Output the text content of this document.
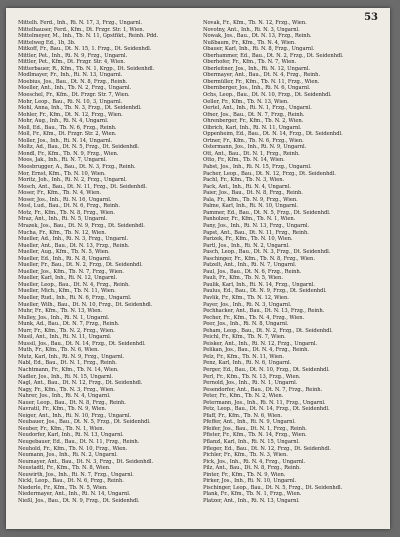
53
Mittelh. Ferd., Inh., Ri. N. 17, 3, Frzg., Ungarnl.
Mittelhauser, Ferd., Kfm., Dt. Frzgr. Str. 1, Wien.
Mittelmeyer, M., Inh., Tb. N. 11, Gpstfikt., Reinh. Pdd.
Mittelweg Ed., 1b, 3b.
Mitkoff, Fr., Bau., Dt. N. 15, 1. Frzg., Dt. Seidenhdl.
Mittler, Pet., Inh., Ri. N. 9, Frzg., Ungarnl.
Mittler, Pet., Kfm., Dt. Frzgr. Str. 4, Wien.
Mitterbauer, R., Kfm., Tb. N. 1, Krgp., Dt. Seidenhdl.
Modlmayer, Fr., Inh., Ri. N. 13, Ungarnl.
Moebius, Jos., Bau., Dt. N. 8, Frzg., Reinh.
Moeller, Ant., Inh., Tb. N. 2, Frzg., Ungarnl.
Moeschel, Fr., Kfm., Dt. Frzgr. Str. 7, Wien.
Mohr, Leop., Bau., Ri. N. 10, 3, Ungarnl.
Mohl, Anna, Inh., Tb. N. 3, Frzg., Dt. Seidenhdl.
Mohler, Fr., Kfm., Dt. N. 12, Frzg., Wien.
Mohr, Aug., Inh., Ri. N. 4, Ungarnl.
Moll, Ed., Bau., Tb. N. 6, Frzg., Reinh.
Moll, Fr., Kfm., Dt. Frzgr. Str. 2, Wien.
Moller, Jos., Inh., Ri. N. 14, Ungarnl.
Moltz, Ad., Bau., Dt. N. 5, Frzg., Dt. Seidenhdl.
Mondl, Fr., Kfm., Tb. N. 9, Frzg., Wien.
Moos, Jak., Inh., Ri. N. 7, Ungarnl.
Moosbrugger, A., Bau., Dt. N. 3, Frzg., Reinh.
Mor, Ernst, Kfm., Tb. N. 10, Wien.
Moritz, Joh., Inh., Ri. N. 2, Frzg., Ungarnl.
Mosch, Ant., Bau., Dt. N. 11, Frzg., Dt. Seidenhdl.
Moser, Fr., Kfm., Tb. N. 4, Wien.
Moser, Jos., Inh., Ri. N. 16, Ungarnl.
Mosl, Lud., Bau., Dt. N. 6, Frzg., Reinh.
Motz, Fr., Kfm., Tb. N. 8, Frzg., Wien.
Mraz, Ant., Inh., Ri. N. 5, Ungarnl.
Mrazek, Jos., Bau., Dt. N. 9, Frzg., Dt. Seidenhdl.
Mucha, Fr., Kfm., Tb. N. 12, Wien.
Mueller, Ad., Inh., Ri. N. 3, Frzg., Ungarnl.
Mueller, Ant., Bau., Dt. N. 13, Frzg., Reinh.
Mueller, Aug., Kfm., Tb. N. 5, Wien.
Mueller, Ed., Inh., Ri. N. 8, Ungarnl.
Mueller, Fr., Bau., Dt. N. 2, Frzg., Dt. Seidenhdl.
Mueller, Jos., Kfm., Tb. N. 7, Frzg., Wien.
Mueller, Karl, Inh., Ri. N. 12, Ungarnl.
Mueller, Leop., Bau., Dt. N. 4, Frzg., Reinh.
Mueller, Mich., Kfm., Tb. N. 11, Wien.
Mueller, Rud., Inh., Ri. N. 6, Frzg., Ungarnl.
Mueller, Wilh., Bau., Dt. N. 10, Frzg., Dt. Seidenhdl.
Muhr, Fr., Kfm., Tb. N. 13, Wien.
Mulley, Jos., Inh., Ri. N. 1, Ungarnl.
Munk, Ad., Bau., Dt. N. 7, Frzg., Reinh.
Murr, Fr., Kfm., Tb. N. 2, Frzg., Wien.
Musil, Ant., Inh., Ri. N. 11, Ungarnl.
Mussil, Jos., Bau., Dt. N. 14, Frzg., Dt. Seidenhdl.
Muth, Fr., Kfm., Tb. N. 6, Wien.
Mutz, Karl, Inh., Ri. N. 9, Frzg., Ungarnl.
Nabl, Ed., Bau., Dt. N. 1, Frzg., Reinh.
Nachtmann, Fr., Kfm., Tb. N. 14, Wien.
Nadler, Jos., Inh., Ri. N. 15, Ungarnl.
Nagl, Ant., Bau., Dt. N. 12, Frzg., Dt. Seidenhdl.
Nagy, Fr., Kfm., Tb. N. 3, Frzg., Wien.
Nahrer, Jos., Inh., Ri. N. 4, Ungarnl.
Nauer, Leop., Bau., Dt. N. 8, Frzg., Reinh.
Navratil, Fr., Kfm., Tb. N. 9, Wien.
Neiger, Ant., Inh., Ri. N. 10, Frzg., Ungarnl.
Neubauer, Jos., Bau., Dt. N. 5, Frzg., Dt. Seidenhdl.
Neuber, Fr., Kfm., Tb. N. 1, Wien.
Neudorfer, Karl, Inh., Ri. N. 13, Ungarnl.
Neugebauer, Ed., Bau., Dt. N. 11, Frzg., Reinh.
Neuhold, Fr., Kfm., Tb. N. 10, Frzg., Wien.
Neumann, Jos., Inh., Ri. N. 2, Ungarnl.
Neumayer, Ant., Bau., Dt. N. 3, Frzg., Dt. Seidenhdl.
Neustadtl, Fr., Kfm., Tb. N. 8, Wien.
Neuwirth, Jos., Inh., Ri. N. 7, Frzg., Ungarnl.
Nickl, Leop., Bau., Dt. N. 6, Frzg., Reinh.
Niederle, Fr., Kfm., Tb. N. 5, Wien.
Niedermayer, Ant., Inh., Ri. N. 14, Ungarnl.
Nießl, Jos., Bau., Dt. N. 9, Frzg., Dt. Seidenhdl.
Novak, Fr., Kfm., Tb. N. 12, Frzg., Wien.
Novotny, Ant., Inh., Ri. N. 3, Ungarnl.
Nowak, Jos., Bau., Dt. N. 13, Frzg., Reinh.
Nußbaum, Fr., Kfm., Tb. N. 4, Wien.
Obauer, Karl, Inh., Ri. N. 8, Frzg., Ungarnl.
Oberhammer, Ed., Bau., Dt. N. 2, Frzg., Dt. Seidenhdl.
Oberhofer, Fr., Kfm., Tb. N. 7, Wien.
Oberleitner, Jos., Inh., Ri. N. 12, Ungarnl.
Obermayer, Ant., Bau., Dt. N. 4, Frzg., Reinh.
Obermüller, Fr., Kfm., Tb. N. 11, Frzg., Wien.
Obernberger, Jos., Inh., Ri. N. 6, Ungarnl.
Ochs, Leop., Bau., Dt. N. 10, Frzg., Dt. Seidenhdl.
Oeller, Fr., Kfm., Tb. N. 13, Wien.
Oertel, Ant., Inh., Ri. N. 1, Frzg., Ungarnl.
Ofner, Jos., Bau., Dt. N. 7, Frzg., Reinh.
Ohrenberger, Fr., Kfm., Tb. N. 2, Wien.
Olbrich, Karl, Inh., Ri. N. 11, Ungarnl.
Oppenheim, Ed., Bau., Dt. N. 14, Frzg., Dt. Seidenhdl.
Ortner, Fr., Kfm., Tb. N. 6, Frzg., Wien.
Ostermann, Jos., Inh., Ri. N. 9, Ungarnl.
Ott, Ant., Bau., Dt. N. 1, Frzg., Reinh.
Otto, Fr., Kfm., Tb. N. 14, Wien.
Pabst, Jos., Inh., Ri. N. 15, Frzg., Ungarnl.
Pacher, Leop., Bau., Dt. N. 12, Frzg., Dt. Seidenhdl.
Pachl, Fr., Kfm., Tb. N. 3, Wien.
Pack, Ant., Inh., Ri. N. 4, Ungarnl.
Paier, Jos., Bau., Dt. N. 8, Frzg., Reinh.
Pala, Fr., Kfm., Tb. N. 9, Frzg., Wien.
Palme, Karl, Inh., Ri. N. 10, Ungarnl.
Pammer, Ed., Bau., Dt. N. 5, Frzg., Dt. Seidenhdl.
Panholzer, Fr., Kfm., Tb. N. 1, Wien.
Pany, Jos., Inh., Ri. N. 13, Frzg., Ungarnl.
Papst, Ant., Bau., Dt. N. 11, Frzg., Reinh.
Parizek, Fr., Kfm., Tb. N. 10, Wien.
Partl, Jos., Inh., Ri. N. 2, Ungarnl.
Pasch, Leop., Bau., Dt. N. 3, Frzg., Dt. Seidenhdl.
Paschinger, Fr., Kfm., Tb. N. 8, Frzg., Wien.
Patzelt, Ant., Inh., Ri. N. 7, Ungarnl.
Paul, Jos., Bau., Dt. N. 6, Frzg., Reinh.
Pauli, Fr., Kfm., Tb. N. 5, Wien.
Paulik, Karl, Inh., Ri. N. 14, Frzg., Ungarnl.
Paulus, Ed., Bau., Dt. N. 9, Frzg., Dt. Seidenhdl.
Pavlik, Fr., Kfm., Tb. N. 12, Wien.
Payer, Jos., Inh., Ri. N. 3, Ungarnl.
Pechhacker, Ant., Bau., Dt. N. 13, Frzg., Reinh.
Pecher, Fr., Kfm., Tb. N. 4, Frzg., Wien.
Peer, Jos., Inh., Ri. N. 8, Ungarnl.
Peham, Leop., Bau., Dt. N. 2, Frzg., Dt. Seidenhdl.
Peichl, Fr., Kfm., Tb. N. 7, Wien.
Peisker, Ant., Inh., Ri. N. 12, Frzg., Ungarnl.
Pelikan, Jos., Bau., Dt. N. 4, Frzg., Reinh.
Pelz, Fr., Kfm., Tb. N. 11, Wien.
Penz, Karl, Inh., Ri. N. 6, Ungarnl.
Perger, Ed., Bau., Dt. N. 10, Frzg., Dt. Seidenhdl.
Perl, Fr., Kfm., Tb. N. 13, Frzg., Wien.
Pernold, Jos., Inh., Ri. N. 1, Ungarnl.
Pesendorfer, Ant., Bau., Dt. N. 7, Frzg., Reinh.
Peter, Fr., Kfm., Tb. N. 2, Wien.
Petermann, Jos., Inh., Ri. N. 11, Frzg., Ungarnl.
Petz, Leop., Bau., Dt. N. 14, Frzg., Dt. Seidenhdl.
Pfaff, Fr., Kfm., Tb. N. 6, Wien.
Pfeffer, Ant., Inh., Ri. N. 9, Ungarnl.
Pfeifer, Jos., Bau., Dt. N. 1, Frzg., Reinh.
Pfister, Fr., Kfm., Tb. N. 14, Frzg., Wien.
Pflanzl, Karl, Inh., Ri. N. 15, Ungarnl.
Pfleger, Ed., Bau., Dt. N. 12, Frzg., Dt. Seidenhdl.
Pichler, Fr., Kfm., Tb. N. 3, Wien.
Pick, Jos., Inh., Ri. N. 4, Frzg., Ungarnl.
Pilz, Ant., Bau., Dt. N. 8, Frzg., Reinh.
Pinter, Fr., Kfm., Tb. N. 9, Wien.
Pirker, Jos., Inh., Ri. N. 10, Ungarnl.
Pischinger, Leop., Bau., Dt. N. 5, Frzg., Dt. Seidenhdl.
Plank, Fr., Kfm., Tb. N. 1, Frzg., Wien.
Platzer, Ant., Inh., Ri. N. 13, Ungarnl.
